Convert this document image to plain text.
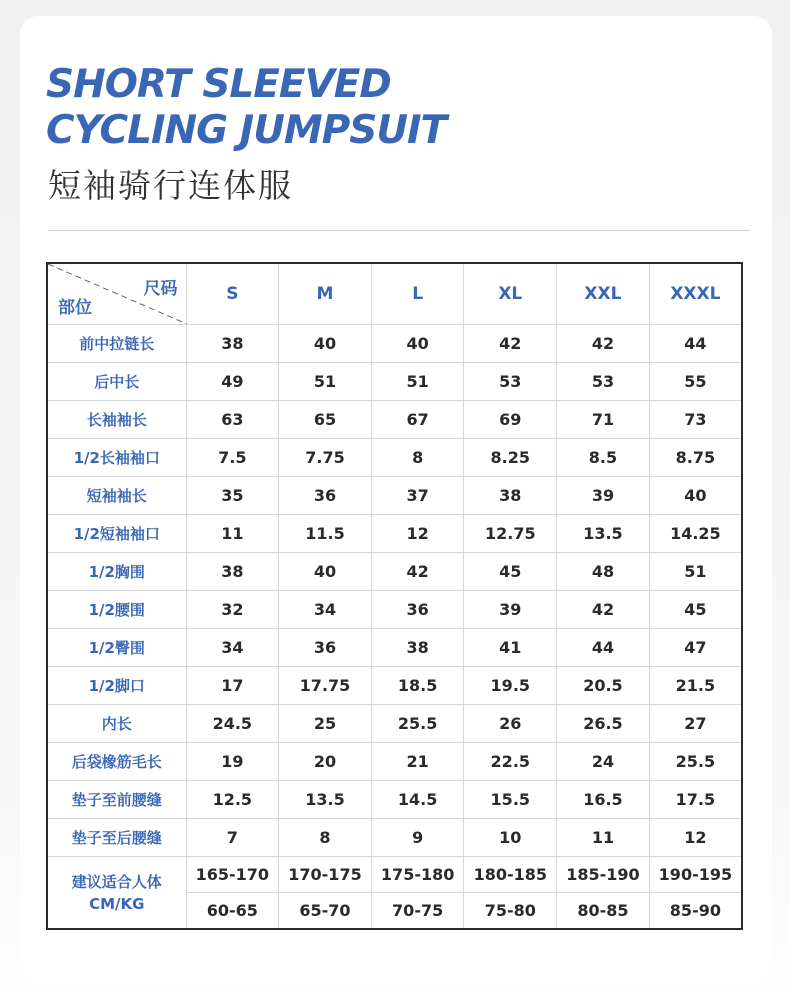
SHORT SLEEVED
CYCLING JUMPSUIT
短袖骑行连体服
尺码
部位	S	M	L	XL	XXL	XXXL
前中拉链长	38	40	40	42	42	44
后中长	49	51	51	53	53	55
长袖袖长	63	65	67	69	71	73
1/2长袖袖口	7.5	7.75	8	8.25	8.5	8.75
短袖袖长	35	36	37	38	39	40
1/2短袖袖口	11	11.5	12	12.75	13.5	14.25
1/2胸围	38	40	42	45	48	51
1/2腰围	32	34	36	39	42	45
1/2臀围	34	36	38	41	44	47
1/2脚口	17	17.75	18.5	19.5	20.5	21.5
内长	24.5	25	25.5	26	26.5	27
后袋橡筋毛长	19	20	21	22.5	24	25.5
垫子至前腰缝	12.5	13.5	14.5	15.5	16.5	17.5
垫子至后腰缝	7	8	9	10	11	12

建议适合人体
CM/KG	165-170	170-175	175-180	180-185	185-190	190-195
	60-65	65-70	70-75	75-80	80-85	85-90
